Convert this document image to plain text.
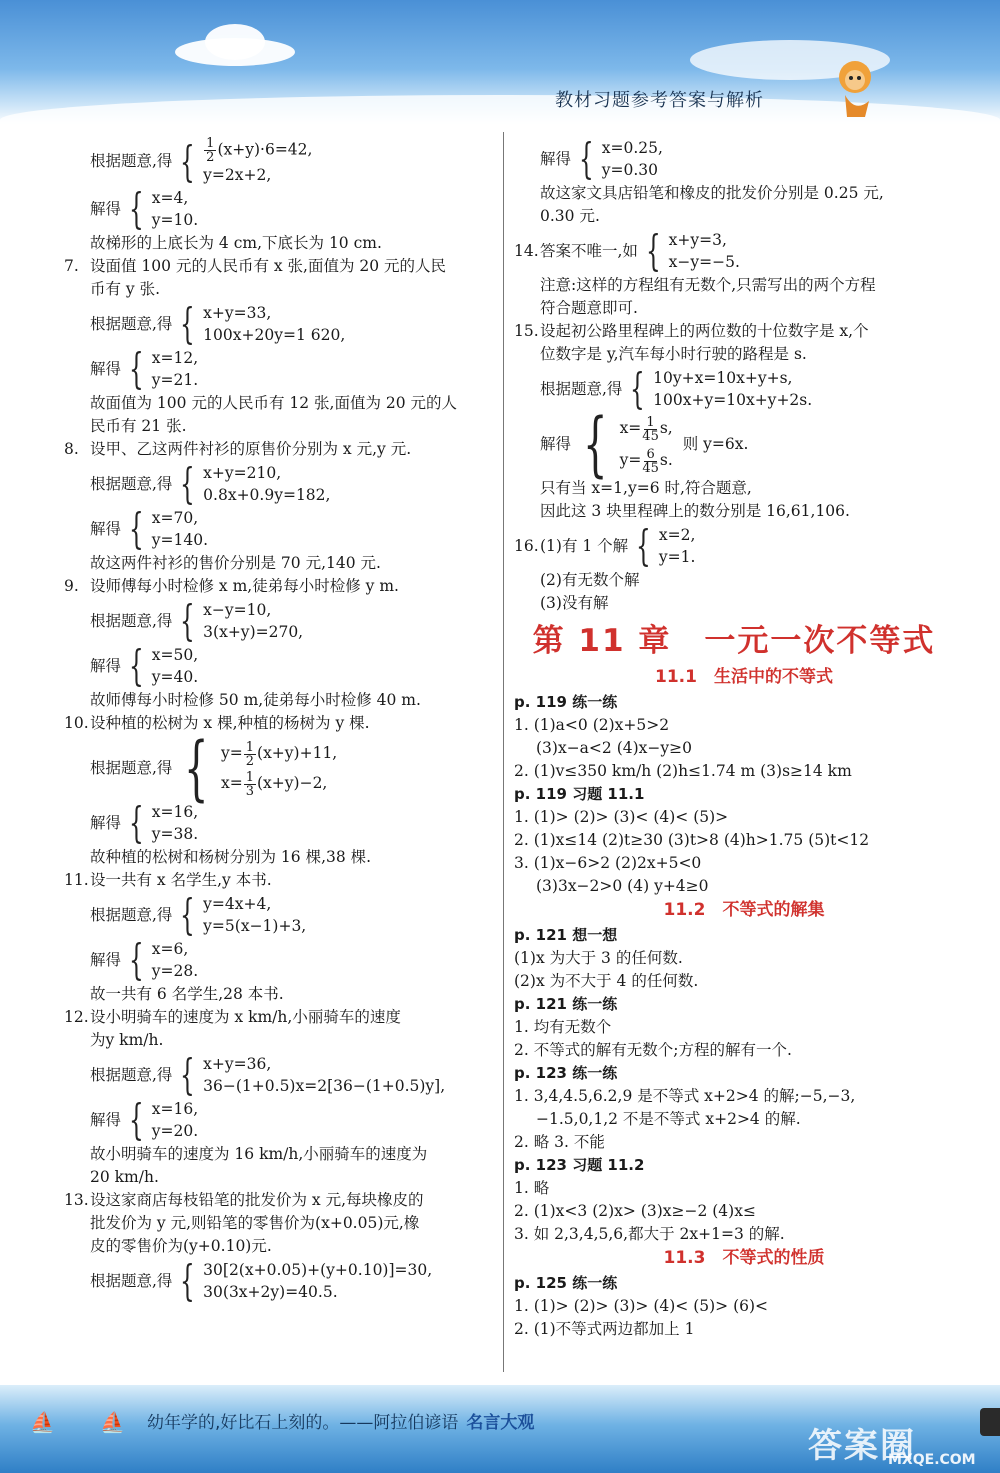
教材习题参考答案与解析
根据题意,得 { $\frac{1}{2} (x+y)\cdot 6=42$,
y=2x+2,
解得 { x=4,
y=10.
故梯形的上底长为 4 cm,下底长为 10 cm.
7. 设面值 100 元的人民币有 x 张,面值为 20 元的人民
币有 y 张.
根据题意,得 { x+y=33,
100x+20y=1 620,
解得 { x=12,
y=21.
故面值为 100 元的人民币有 12 张,面值为 20 元的人
民币有 21 张.
8. 设甲、乙这两件衬衫的原售价分别为 x 元,y 元.
根据题意,得 { x+y=210,
0.8x+0.9y=182,
解得 { x=70,
y=140.
故这两件衬衫的售价分别是 70 元,140 元.
9. 设师傅每小时检修 x m,徒弟每小时检修 y m.
根据题意,得 { x−y=10,
3(x+y)=270,
解得 { x=50,
y=40.
故师傅每小时检修 50 m,徒弟每小时检修 40 m.
10.设种植的松树为 x 棵,种植的杨树为 y 棵.
根据题意,得 { $y= \frac{1}{2} (x+y)+11$,
$x= \frac{1}{3} (x+y)-2$,
解得 { x=16,
y=38.
故种植的松树和杨树分别为 16 棵,38 棵.
11.设一共有 x 名学生,y 本书.
根据题意,得 { y=4x+4,
y=5(x−1)+3,
解得 { x=6,
y=28.
故一共有 6 名学生,28 本书.
12.设小明骑车的速度为 x km/h,小丽骑车的速度
为y km/h.
根据题意,得 { x+y=36,
36−(1+0.5)x=2[36−(1+0.5)y],
解得 { x=16,
y=20.
故小明骑车的速度为 16 km/h,小丽骑车的速度为
20 km/h.
13.设这家商店每枝铅笔的批发价为 x 元,每块橡皮的
批发价为 y 元,则铅笔的零售价为(x+0.05)元,橡
皮的零售价为(y+0.10)元.
根据题意,得 { 30[2(x+0.05)+(y+0.10)]=30,
30(3x+2y)=40.5.
解得 { x=0.25,
y=0.30
故这家文具店铅笔和橡皮的批发价分别是 0.25 元,
0.30 元.
14. 答案不唯一,如 { x+y=3,
x−y=−5.
注意:这样的方程组有无数个,只需写出的两个方程
符合题意即可.
15.设起初公路里程碑上的两位数的十位数字是 x,个
位数字是 y,汽车每小时行驶的路程是 s.
根据题意,得 { 10y+x=10x+y+s,
100x+y=10x+y+2s.
解得 { $x= \frac{1}{45} s$,
$y= \frac{6}{45} s$.
则 y=6x.
只有当 x=1,y=6 时,符合题意,
因此这 3 块里程碑上的数分别是 16,61,106.
16. (1)有 1 个解 { x=2,
y=1.
(2)有无数个解
(3)没有解
第 11 章　一元一次不等式
11.1　生活中的不等式
p. 119 练一练
1. (1)a<0 (2)x+5>2
(3)x−a<2 (4)x−y≥0
2. (1)v≤350 km/h (2)h≤1.74 m (3)s≥14 km
p. 119 习题 11.1
1. (1)> (2)> (3)< (4)< (5)>
2. (1)x≤14 (2)t≥30 (3)t>8 (4)h>1.75 (5)t<12
3. (1)x−6>2 (2)2x+5<0
(3)3x−2>0 (4) y+4≥0
11.2　不等式的解集
p. 121 想一想
(1)x 为大于 3 的任何数.
(2)x 为不大于 4 的任何数.
p. 121 练一练
1. 均有无数个
2. 不等式的解有无数个;方程的解有一个.
p. 123 练一练
1. 3,4,4.5,6.2,9 是不等式 x+2>4 的解;−5,−3,
−1.5,0,1,2 不是不等式 x+2>4 的解.
2. 略 3. 不能
p. 123 习题 11.2
1. 略
2. (1)x<3 (2)x> (3)x≥−2 (4)x≤
3. 如 2,3,4,5,6,都大于 2x+1=3 的解.
11.3　不等式的性质
p. 125 练一练
1. (1)> (2)> (3)> (4)< (5)> (6)<
2. (1)不等式两边都加上 1
⛵ ⛵ 幼年学的,好比石上刻的。——阿拉伯谚语 名言大观
答案圈
MXQE.COM
